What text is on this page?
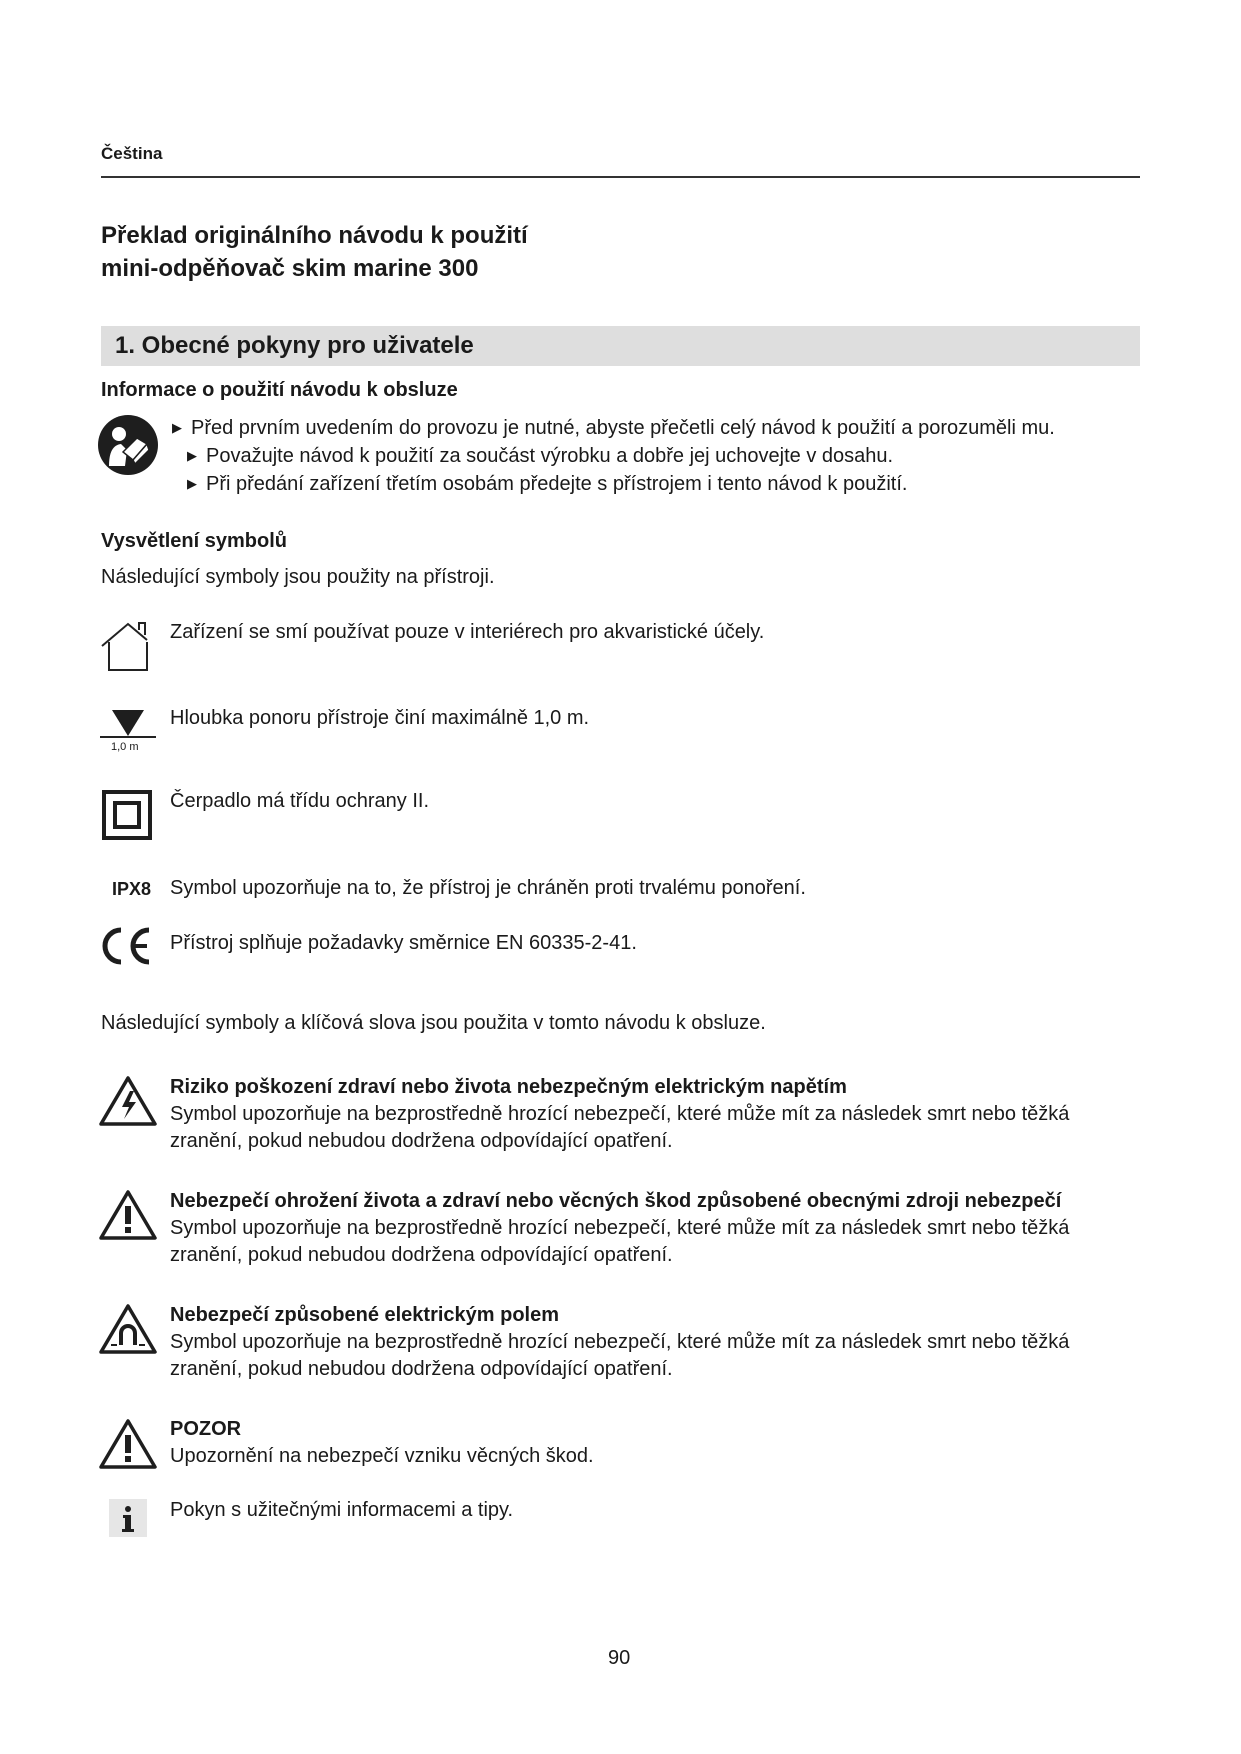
Čeština
Překlad originálního návodu k použití
mini-odpěňovač skim marine 300
1. Obecné pokyny pro uživatele
Informace o použití návodu k obsluze
▶ Před prvním uvedením do provozu je nutné, abyste přečetli celý návod k použití a porozuměli mu.
▶ Považujte návod k použití za součást výrobku a dobře jej uchovejte v dosahu.
▶ Při předání zařízení třetím osobám předejte s přístrojem i tento návod k použití.
Vysvětlení symbolů
Následující symboly jsou použity na přístroji.
Zařízení se smí používat pouze v interiérech pro akvaristické účely.
1,0 m
Hloubka ponoru přístroje činí maximálně 1,0 m.
Čerpadlo má třídu ochrany II.
IPX8 Symbol upozorňuje na to, že přístroj je chráněn proti trvalému ponoření.
Přístroj splňuje požadavky směrnice EN 60335-2-41.
Následující symboly a klíčová slova jsou použita v tomto návodu k obsluze.
Riziko poškození zdraví nebo života nebezpečným elektrickým napětím
Symbol upozorňuje na bezprostředně hrozící nebezpečí, které může mít za následek smrt nebo těžká zranění, pokud nebudou dodržena odpovídající opatření.
Nebezpečí ohrožení života a zdraví nebo věcných škod způsobené obecnými zdroji nebezpečí
Symbol upozorňuje na bezprostředně hrozící nebezpečí, které může mít za následek smrt nebo těžká zranění, pokud nebudou dodržena odpovídající opatření.
Nebezpečí způsobené elektrickým polem
Symbol upozorňuje na bezprostředně hrozící nebezpečí, které může mít za následek smrt nebo těžká zranění, pokud nebudou dodržena odpovídající opatření.
POZOR
Upozornění na nebezpečí vzniku věcných škod.
Pokyn s užitečnými informacemi a tipy.
90
